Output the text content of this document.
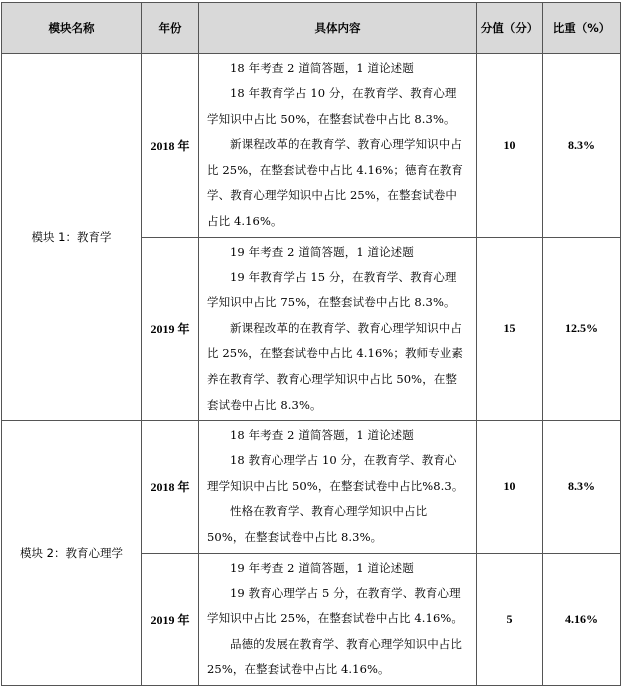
模块名称	年份	具体内容	分值（分）	比重（%）
模块 1：教育学	2018 年	18 年考查 2 道简答题，1 道论述题

18 年教育学占 10 分，在教育学、教育心理学知识中占比 50%，在整套试卷中占比 8.3%。

新课程改革的在教育学、教育心理学知识中占比 25%，在整套试卷中占比 4.16%；德育在教育学、教育心理学知识中占比 25%，在整套试卷中占比 4.16%。	10	8.3%
	2019 年	19 年考查 2 道简答题，1 道论述题

19 年教育学占 15 分，在教育学、教育心理学知识中占比 75%，在整套试卷中占比 8.3%。

新课程改革的在教育学、教育心理学知识中占比 25%，在整套试卷中占比 4.16%；教师专业素养在教育学、教育心理学知识中占比 50%，在整套试卷中占比 8.3%。	15	12.5%
模块 2：教育心理学	2018 年	18 年考查 2 道简答题，1 道论述题

18 教育心理学占 10 分，在教育学、教育心理学知识中占比 50%，在整套试卷中占比%8.3。

性格在教育学、教育心理学知识中占比 50%，在整套试卷中占比 8.3%。	10	8.3%
	2019 年	19 年考查 2 道简答题，1 道论述题

19 教育心理学占 5 分，在教育学、教育心理学知识中占比 25%，在整套试卷中占比 4.16%。

品德的发展在教育学、教育心理学知识中占比 25%，在整套试卷中占比 4.16%。	5	4.16%
